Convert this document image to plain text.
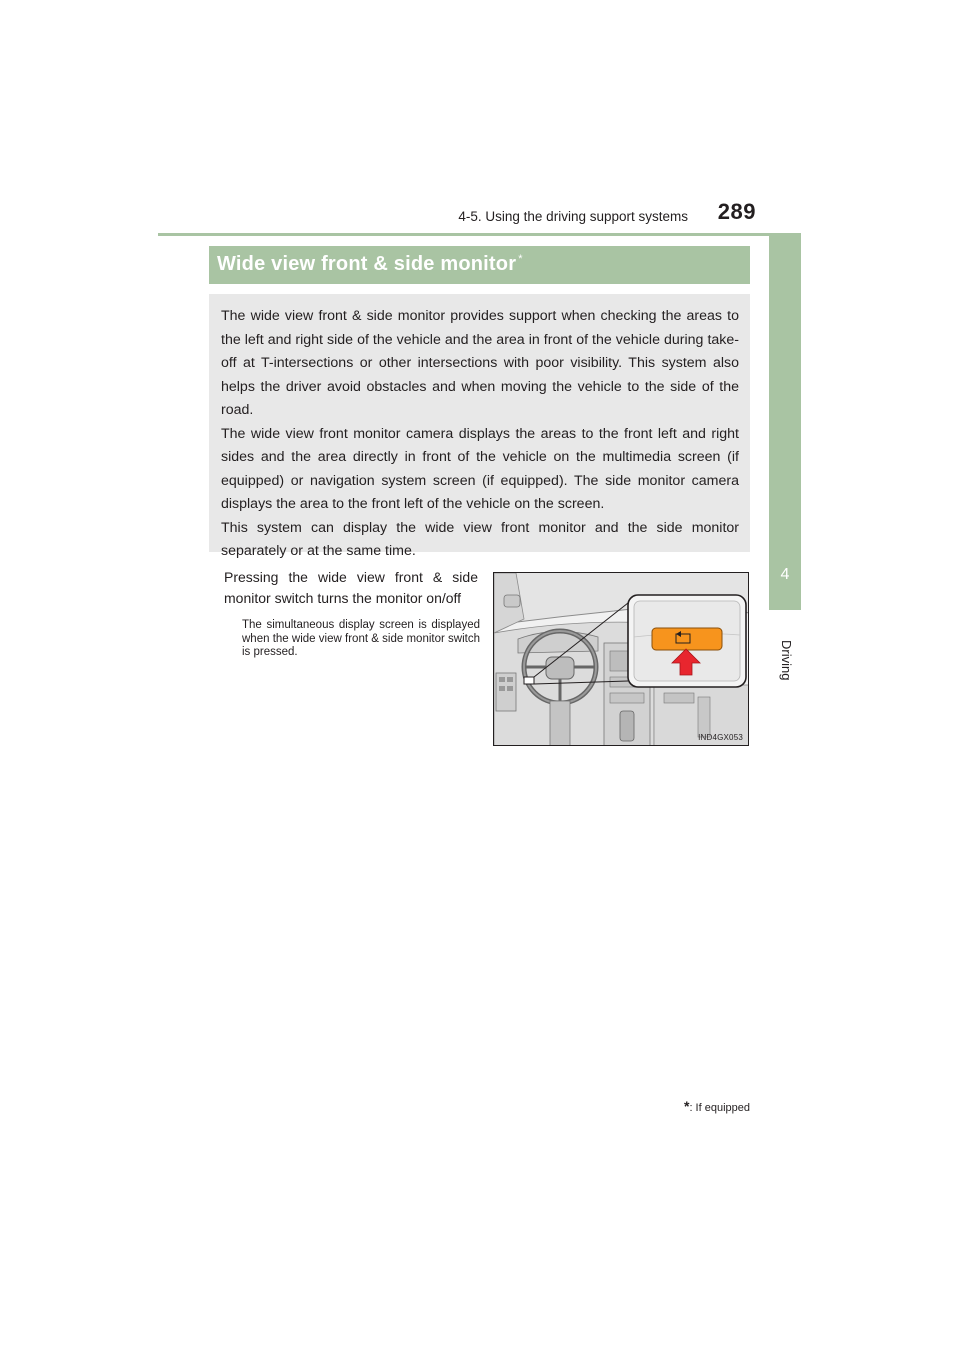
4-5. Using the driving support systems	289
4
Driving
Wide view front & side monitor *

The wide view front & side monitor provides support when checking the areas to the left and right side of the vehicle and the area in front of the vehicle during take-off at T-intersections or other intersections with poor visibility. This system also helps the driver avoid obstacles and when moving the vehicle to the side of the road.

The wide view front monitor camera displays the areas to the front left and right sides and the area directly in front of the vehicle on the multimedia screen (if equipped) or navigation system screen (if equipped). The side monitor camera displays the area to the front left of the vehicle on the screen.

This system can display the wide view front monitor and the side monitor separately or at the same time.

Pressing the wide view front & side monitor switch turns the monitor on/off
The simultaneous display screen is displayed when the wide view front & side monitor switch is pressed.
IND4GX053
*: If equipped
